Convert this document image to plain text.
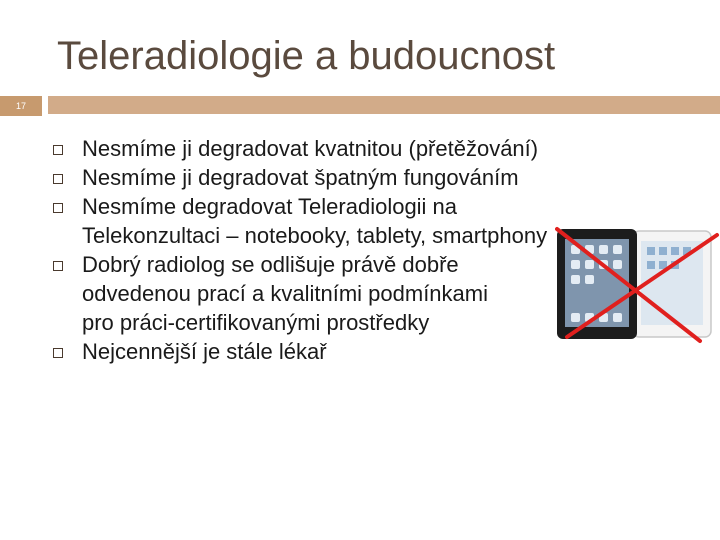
Teleradiologie a budoucnost
17
Nesmíme ji degradovat kvatnitou (přetěžování)
Nesmíme ji degradovat špatným fungováním
Nesmíme degradovat Teleradiologii na Telekonzultaci – notebooky, tablety, smartphony
Dobrý radiolog se odlišuje právě dobře odvedenou prací a kvalitními podmínkami pro práci-certifikovanými prostředky
Nejcennější je stále lékař
